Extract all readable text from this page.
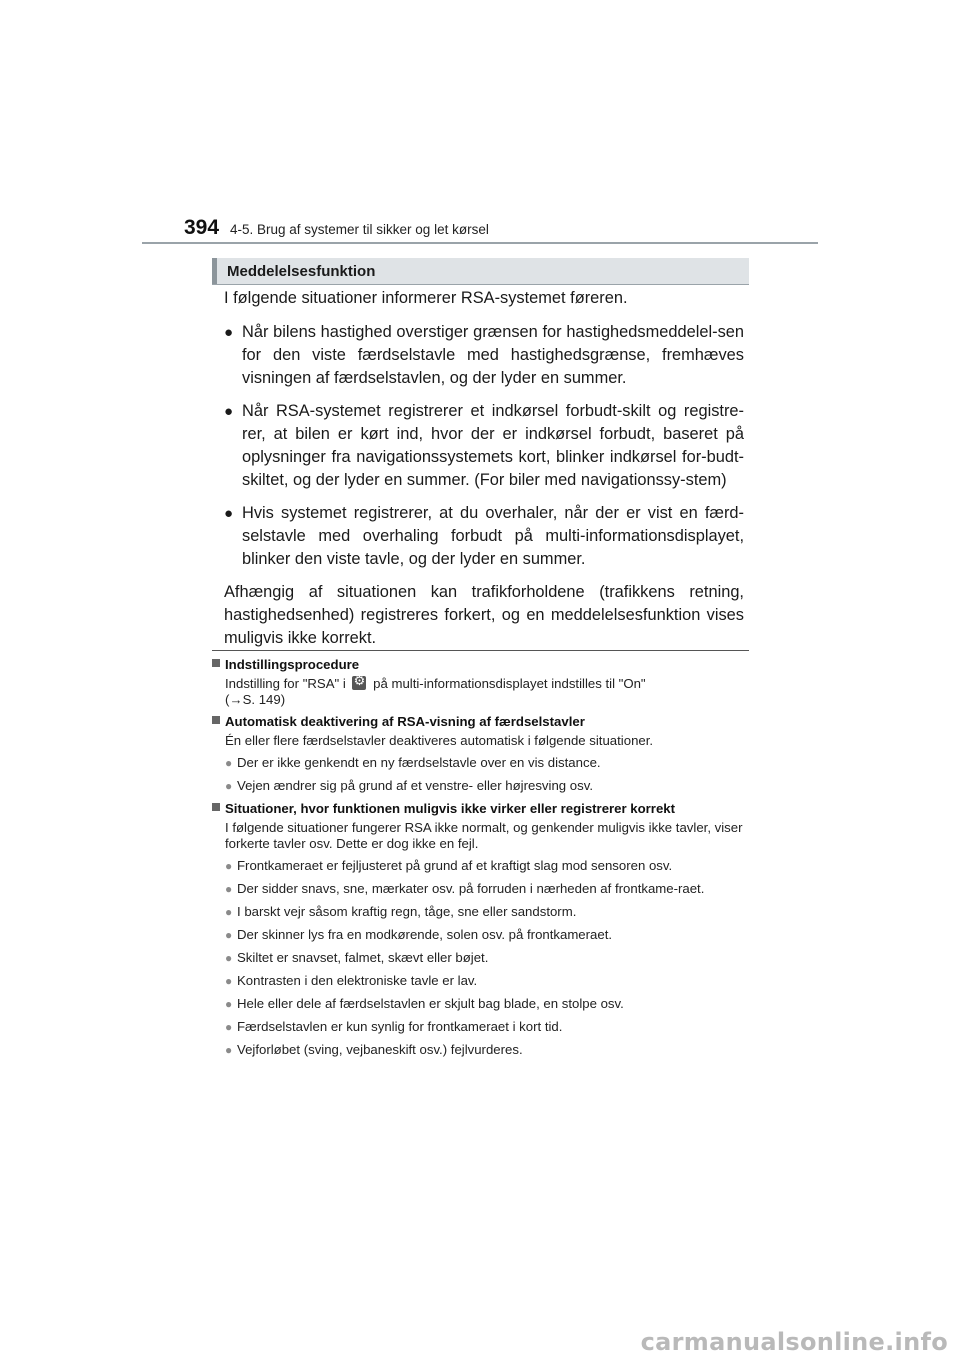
394 4-5. Brug af systemer til sikker og let kørsel
Meddelelsesfunktion

I følgende situationer informerer RSA-systemet føreren.

● Når bilens hastighed overstiger grænsen for hastighedsmeddelel-sen for den viste færdselstavle med hastighedsgrænse, fremhæves visningen af færdselstavlen, og der lyder en summer.
● Når RSA-systemet registrerer et indkørsel forbudt-skilt og registre-rer, at bilen er kørt ind, hvor der er indkørsel forbudt, baseret på oplysninger fra navigationssystemets kort, blinker indkørsel for-budt-skiltet, og der lyder en summer. (For biler med navigationssy-stem)
● Hvis systemet registrerer, at du overhaler, når der er vist en færd-selstavle med overhaling forbudt på multi-informationsdisplayet, blinker den viste tavle, og der lyder en summer.

Afhængig af situationen kan trafikforholdene (trafikkens retning, hastighedsenhed) registreres forkert, og en meddelelsesfunktion vises muligvis ikke korrekt.

Indstillingsprocedure
Indstilling for "RSA" i ⚙ på multi-informationsdisplayet indstilles til "On"
(→S. 149)
Automatisk deaktivering af RSA-visning af færdselstavler

Én eller flere færdselstavler deaktiveres automatisk i følgende situationer.

● Der er ikke genkendt en ny færdselstavle over en vis distance.
● Vejen ændrer sig på grund af et venstre- eller højresving osv.
Situationer, hvor funktionen muligvis ikke virker eller registrerer korrekt

I følgende situationer fungerer RSA ikke normalt, og genkender muligvis ikke tavler, viser forkerte tavler osv. Dette er dog ikke en fejl.

● Frontkameraet er fejljusteret på grund af et kraftigt slag mod sensoren osv.
● Der sidder snavs, sne, mærkater osv. på forruden i nærheden af frontkame-raet.
● I barskt vejr såsom kraftig regn, tåge, sne eller sandstorm.
● Der skinner lys fra en modkørende, solen osv. på frontkameraet.
● Skiltet er snavset, falmet, skævt eller bøjet.
● Kontrasten i den elektroniske tavle er lav.
● Hele eller dele af færdselstavlen er skjult bag blade, en stolpe osv.
● Færdselstavlen er kun synlig for frontkameraet i kort tid.
● Vejforløbet (sving, vejbaneskift osv.) fejlvurderes.
carmanualsonline.info
